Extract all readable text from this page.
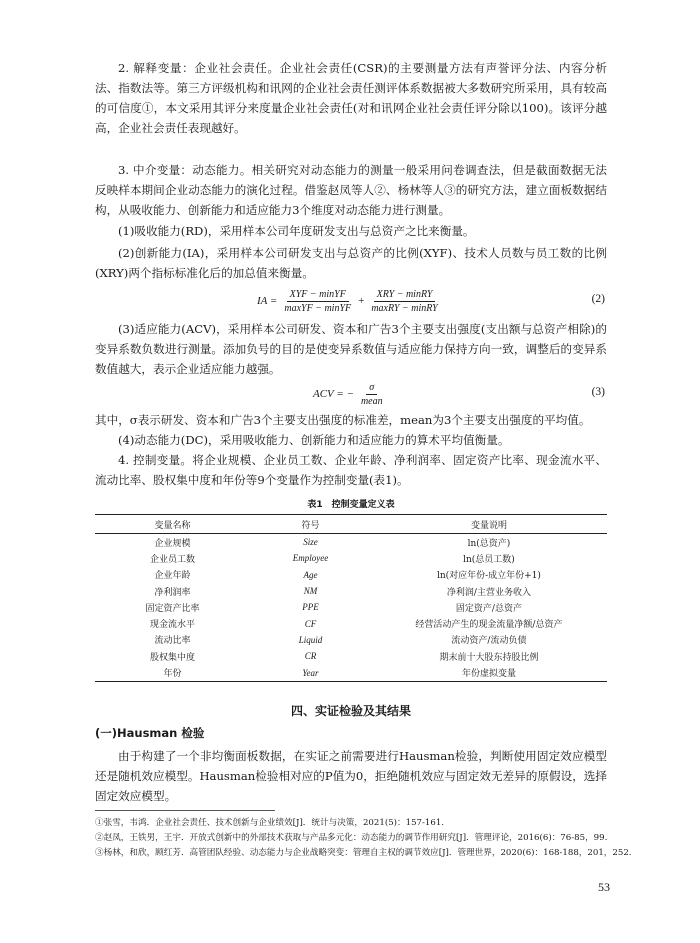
2. 解释变量：企业社会责任。企业社会责任(CSR)的主要测量方法有声誉评分法、内容分析法、指数法等。第三方评级机构和讯网的企业社会责任测评体系数据被大多数研究所采用，具有较高的可信度①，本文采用其评分来度量企业社会责任(对和讯网企业社会责任评分除以100)。该评分越高，企业社会责任表现越好。

3. 中介变量：动态能力。相关研究对动态能力的测量一般采用问卷调查法，但是截面数据无法反映样本期间企业动态能力的演化过程。借鉴赵凤等人②、杨林等人③的研究方法，建立面板数据结构，从吸收能力、创新能力和适应能力3个维度对动态能力进行测量。

(1)吸收能力(RD)，采用样本公司年度研发支出与总资产之比来衡量。

(2)创新能力(IA)，采用样本公司研发支出与总资产的比例(XYF)、技术人员数与员工数的比例(XRY)两个指标标准化后的加总值来衡量。

IA = $\frac{\text{XYF − minYF}}{\text{maxYF − minYF}} + \frac{\text{XRY − minRY}}{\text{maxRY − minRY}}$	(2)

(3)适应能力(ACV)，采用样本公司研发、资本和广告3个主要支出强度(支出额与总资产相除)的变异系数负数进行测量。添加负号的目的是使变异系数值与适应能力保持方向一致，调整后的变异系数值越大，表示企业适应能力越强。

ACV = − $\frac{\sigma}{\text{mean}}$	(3)

其中，σ表示研发、资本和广告3个主要支出强度的标准差，mean为3个主要支出强度的平均值。

(4)动态能力(DC)，采用吸收能力、创新能力和适应能力的算术平均值衡量。

4. 控制变量。将企业规模、企业员工数、企业年龄、净利润率、固定资产比率、现金流水平、流动比率、股权集中度和年份等9个变量作为控制变量(表1)。

表1　控制变量定义表
变量名称	符号	变量说明
企业规模	Size	ln(总资产)
企业员工数	Employee	ln(总员工数)
企业年龄	Age	ln(对应年份-成立年份+1)
净利润率	NM	净利润/主营业务收入
固定资产比率	PPE	固定资产/总资产
现金流水平	CF	经营活动产生的现金流量净额/总资产
流动比率	Liquid	流动资产/流动负债
股权集中度	CR	期末前十大股东持股比例
年份	Year	年份虚拟变量
四、实证检验及其结果
(一)Hausman 检验

由于构建了一个非均衡面板数据，在实证之前需要进行Hausman检验，判断使用固定效应模型还是随机效应模型。Hausman检验相对应的P值为0，拒绝随机效应与固定效无差异的原假设，选择固定效应模型。

①张雪，韦鸿．企业社会责任、技术创新与企业绩效[J]．统计与决策，2021(5)：157-161.
②赵凤，王铁男，王宇．开放式创新中的外部技术获取与产品多元化：动态能力的调节作用研究[J]．管理评论，2016(6)：76-85，99.
③杨林，和欣，顾红芳．高管团队经验、动态能力与企业战略突变：管理自主权的调节效应[J]．管理世界，2020(6)：168-188，201，252.
53
